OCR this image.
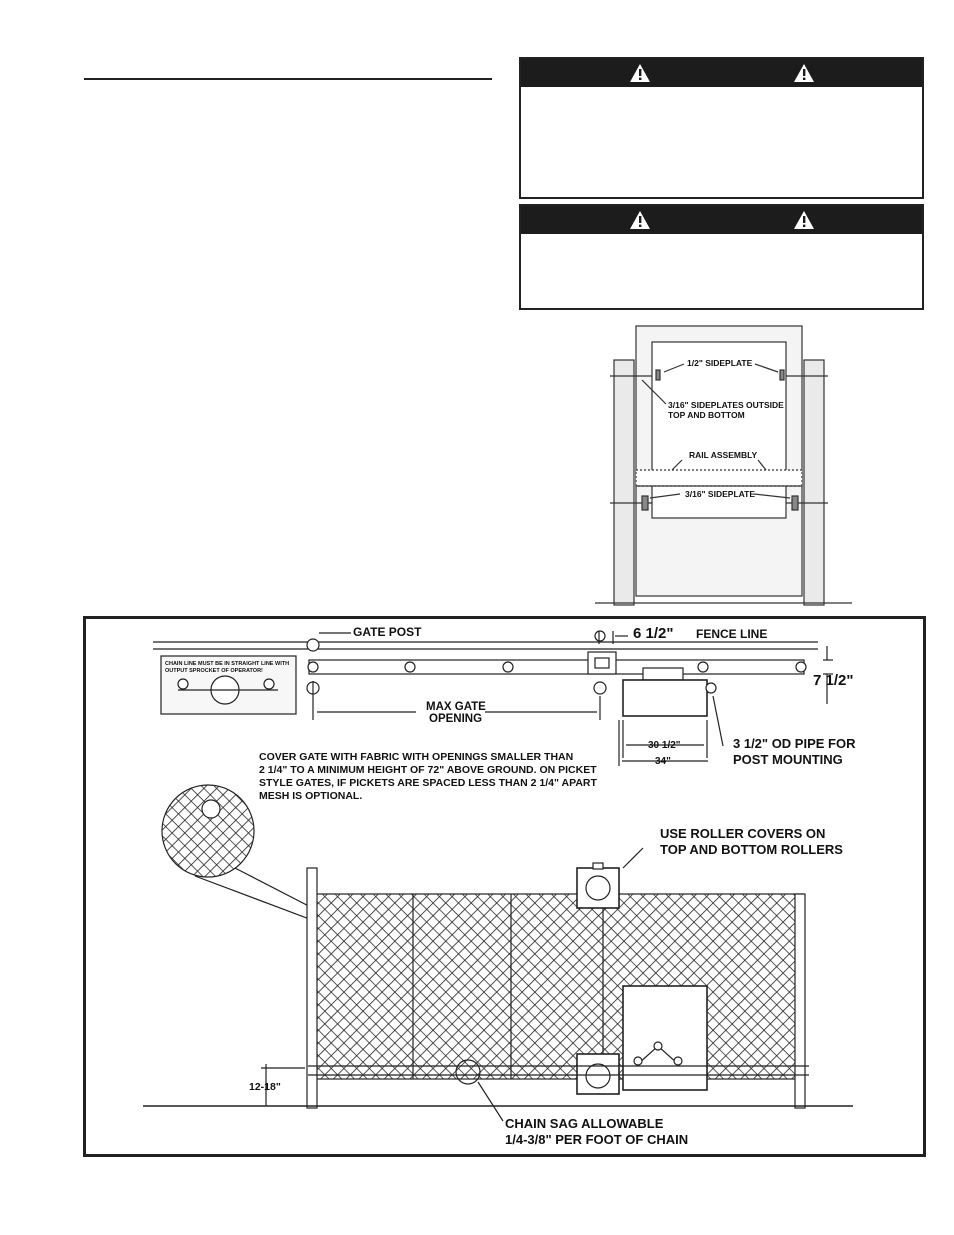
1/2" SIDEPLATE
3/16" SIDEPLATES OUTSIDE
TOP AND BOTTOM
RAIL ASSEMBLY
3/16" SIDEPLATE
GATE POST	6 1/2" FENCE LINE
7 1/2"
CHAIN LINE MUST BE IN STRAIGHT LINE WITH
OUTPUT SPROCKET OF OPERATOR!
MAX GATE
OPENING
30 1/2"
34"
3 1/2" OD PIPE FOR
POST MOUNTING
COVER GATE WITH FABRIC WITH OPENINGS SMALLER THAN
2 1/4" TO A MINIMUM HEIGHT OF 72" ABOVE GROUND. ON PICKET
STYLE GATES, IF PICKETS ARE SPACED LESS THAN 2 1/4" APART
MESH IS OPTIONAL.
USE ROLLER COVERS ON
TOP AND BOTTOM ROLLERS
12-18"
CHAIN SAG ALLOWABLE
1/4-3/8" PER FOOT OF CHAIN
